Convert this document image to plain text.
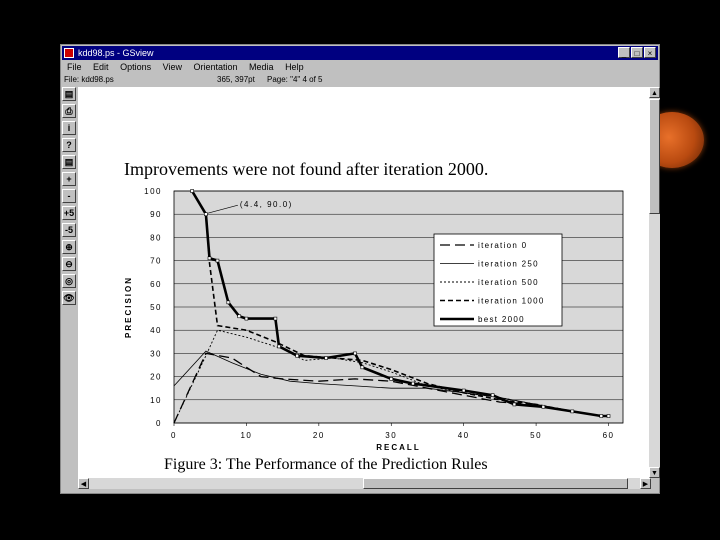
kdd98.ps - GSview	_	□	×
File Edit Options View Orientation Media Help
File: kdd98.ps	365, 397pt Page: "4" 4 of 5
▤
⎙
i
?
▤
+
-
+5
-5
⊕
⊖
◎
👁
Improvements were not found after iteration 2000.
0
10
20
30
40
50
60
70
80
90
100
0	10	20	30	40	50	60
RECALL
PRECISION
(4.4, 90.0)
iteration 0
iteration 250
iteration 500
iteration 1000
best 2000
Figure 3: The Performance of the Prediction Rules
▲
▼
◀	▶
